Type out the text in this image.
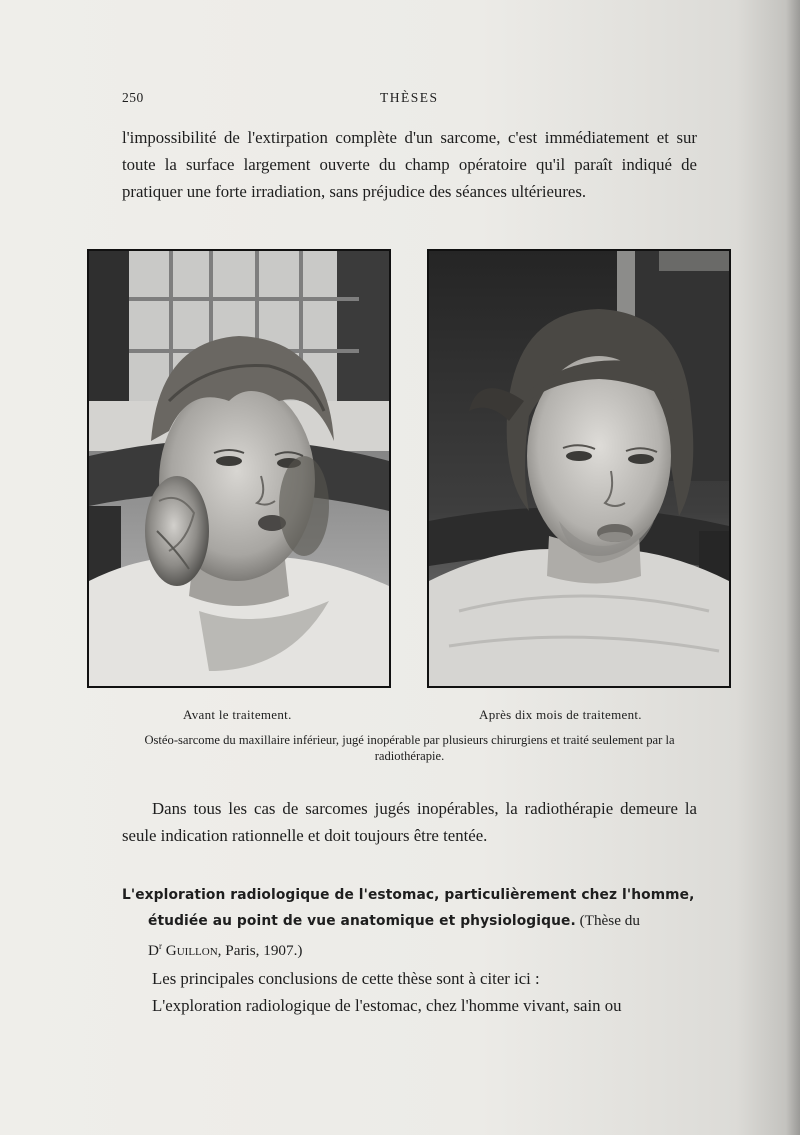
250	THÈSES

l'impossibilité de l'extirpation complète d'un sarcome, c'est immédiatement et sur toute la surface largement ouverte du champ opératoire qu'il paraît indiqué de pratiquer une forte irradiation, sans préjudice des séances ultérieures.

Avant le traitement.	Après dix mois de traitement.

Ostéo-sarcome du maxillaire inférieur, jugé inopérable par plusieurs chirurgiens et traité seulement par la radiothérapie.

Dans tous les cas de sarcomes jugés inopérables, la radiothérapie demeure la seule indication rationnelle et doit toujours être tentée.

L'exploration radiologique de l'estomac, particulièrement chez l'homme,
étudiée au point de vue anatomique et physiologique. (Thèse du
$D^r$ Guillon, Paris, 1907.)
Les principales conclusions de cette thèse sont à citer ici :
L'exploration radiologique de l'estomac, chez l'homme vivant, sain ou
